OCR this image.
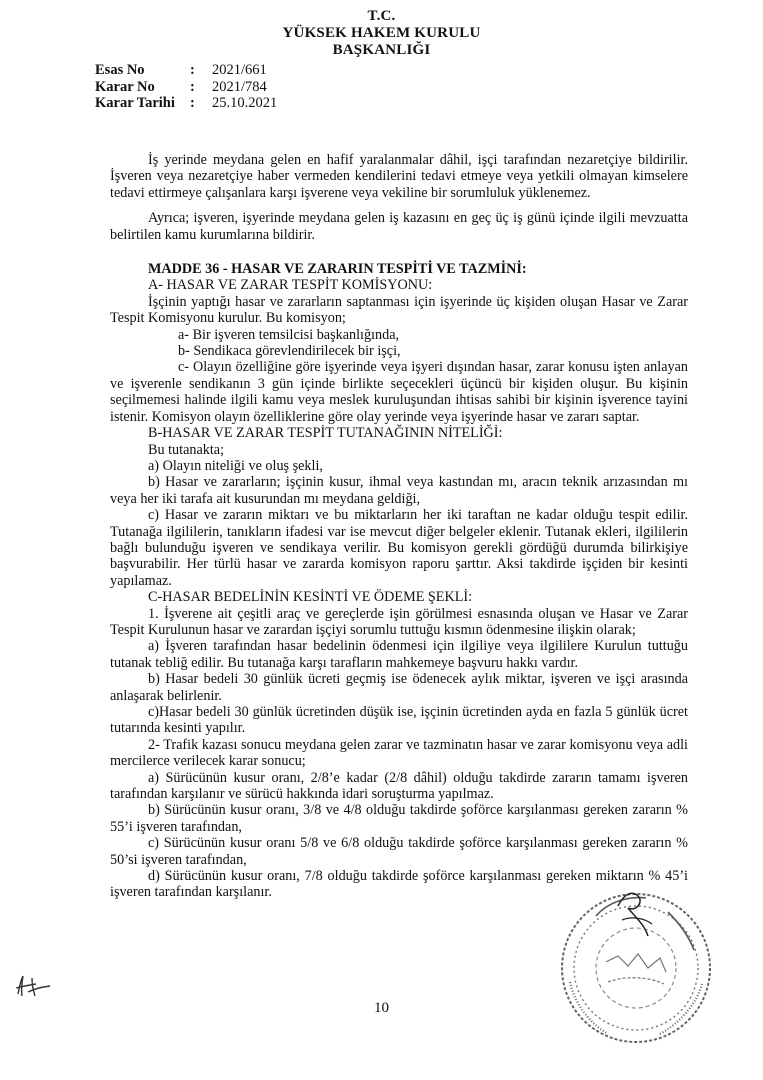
T.C.
YÜKSEK HAKEM KURULU
BAŞKANLIĞI
Esas No	:	2021/661
Karar No	:	2021/784
Karar Tarihi	:	25.10.2021

İş yerinde meydana gelen en hafif yaralanmalar dâhil, işçi tarafından nezaretçiye bildirilir. İşveren veya nezaretçiye haber vermeden kendilerini tedavi etmeye veya yetkili olmayan kimselere tedavi ettirmeye çalışanlara karşı işverene veya vekiline bir sorumluluk yüklenemez.

Ayrıca; işveren, işyerinde meydana gelen iş kazasını en geç üç iş günü içinde ilgili mevzuatta belirtilen kamu kurumlarına bildirir.

MADDE 36 - HASAR VE ZARARIN TESPİTİ VE TAZMİNİ:

A- HASAR VE ZARAR TESPİT KOMİSYONU:

İşçinin yaptığı hasar ve zararların saptanması için işyerinde üç kişiden oluşan Hasar ve Zarar Tespit Komisyonu kurulur. Bu komisyon;

a- Bir işveren temsilcisi başkanlığında,

b- Sendikaca görevlendirilecek bir işçi,

c- Olayın özelliğine göre işyerinde veya işyeri dışından hasar, zarar konusu işten anlayan ve işverenle sendikanın 3 gün içinde birlikte seçecekleri üçüncü bir kişiden oluşur. Bu kişinin seçilmemesi halinde ilgili kamu veya meslek kuruluşundan ihtisas sahibi bir kişinin işverence tayini istenir. Komisyon olayın özelliklerine göre olay yerinde veya işyerinde hasar ve zararı saptar.

B-HASAR VE ZARAR TESPİT TUTANAĞININ NİTELİĞİ:

Bu tutanakta;

a) Olayın niteliği ve oluş şekli,

b) Hasar ve zararların; işçinin kusur, ihmal veya kastından mı, aracın teknik arızasından mı veya her iki tarafa ait kusurundan mı meydana geldiği,

c) Hasar ve zararın miktarı ve bu miktarların her iki taraftan ne kadar olduğu tespit edilir. Tutanağa ilgililerin, tanıkların ifadesi var ise mevcut diğer belgeler eklenir. Tutanak ekleri, ilgililerin bağlı bulunduğu işveren ve sendikaya verilir. Bu komisyon gerekli gördüğü durumda bilirkişiye başvurabilir. Her türlü hasar ve zararda komisyon raporu şarttır. Aksi takdirde işçiden bir kesinti yapılamaz.

C-HASAR BEDELİNİN KESİNTİ VE ÖDEME ŞEKLİ:

1. İşverene ait çeşitli araç ve gereçlerde işin görülmesi esnasında oluşan ve Hasar ve Zarar Tespit Kurulunun hasar ve zarardan işçiyi sorumlu tuttuğu kısmın ödenmesine ilişkin olarak;

a) İşveren tarafından hasar bedelinin ödenmesi için ilgiliye veya ilgililere Kurulun tuttuğu tutanak tebliğ edilir. Bu tutanağa karşı tarafların mahkemeye başvuru hakkı vardır.

b) Hasar bedeli 30 günlük ücreti geçmiş ise ödenecek aylık miktar, işveren ve işçi arasında anlaşarak belirlenir.

c)Hasar bedeli 30 günlük ücretinden düşük ise, işçinin ücretinden ayda en fazla 5 günlük ücret tutarında kesinti yapılır.

2- Trafik kazası sonucu meydana gelen zarar ve tazminatın hasar ve zarar komisyonu veya adli mercilerce verilecek karar sonucu;

a) Sürücünün kusur oranı, 2/8’e kadar (2/8 dâhil) olduğu takdirde zararın tamamı işveren tarafından karşılanır ve sürücü hakkında idari soruşturma yapılmaz.

b) Sürücünün kusur oranı, 3/8 ve 4/8 olduğu takdirde şoförce karşılanması gereken zararın % 55’i işveren tarafından,

c) Sürücünün kusur oranı 5/8 ve 6/8 olduğu takdirde şoförce karşılanması gereken zararın % 50’si işveren tarafından,

d) Sürücünün kusur oranı, 7/8 olduğu takdirde şoförce karşılanması gereken miktarın % 45’i işveren tarafından karşılanır.

10
